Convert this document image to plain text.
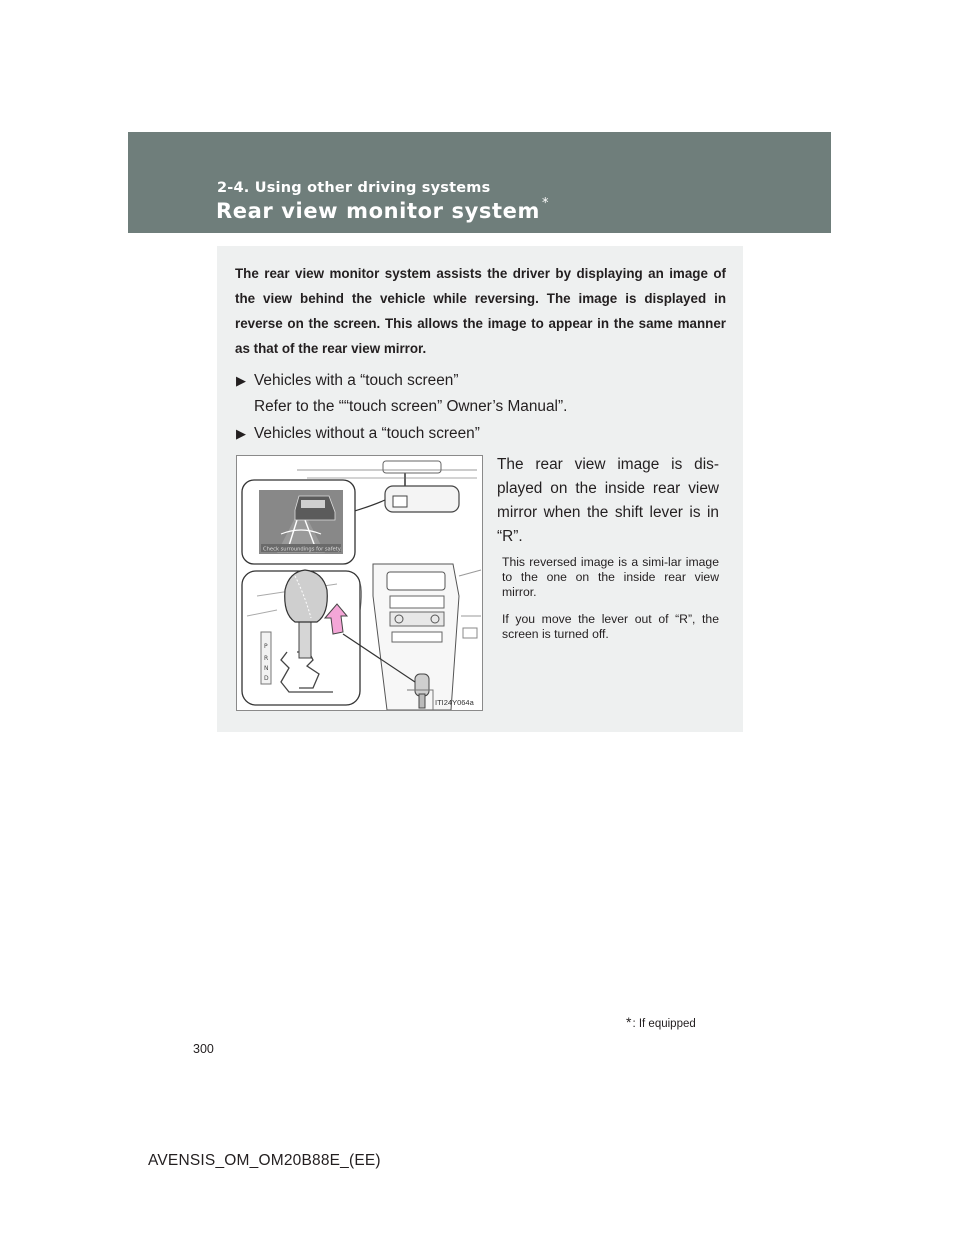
2-4. Using other driving systems

Rear view monitor system *

The rear view monitor system assists the driver by displaying an image of the view behind the vehicle while reversing. The image is displayed in reverse on the screen. This allows the image to appear in the same manner as that of the rear view mirror.

▶ Vehicles with a “touch screen”

Refer to the ““touch screen” Owner’s Manual”.

▶ Vehicles without a “touch screen”

Check surroundings for safety.
P
R
N
D
ITI24Y064a

The rear view image is dis-played on the inside rear view mirror when the shift lever is in “R”.

This reversed image is a simi-lar image to the one on the inside rear view mirror.

If you move the lever out of “R”, the screen is turned off.

*: If equipped

300

AVENSIS_OM_OM20B88E_(EE)
